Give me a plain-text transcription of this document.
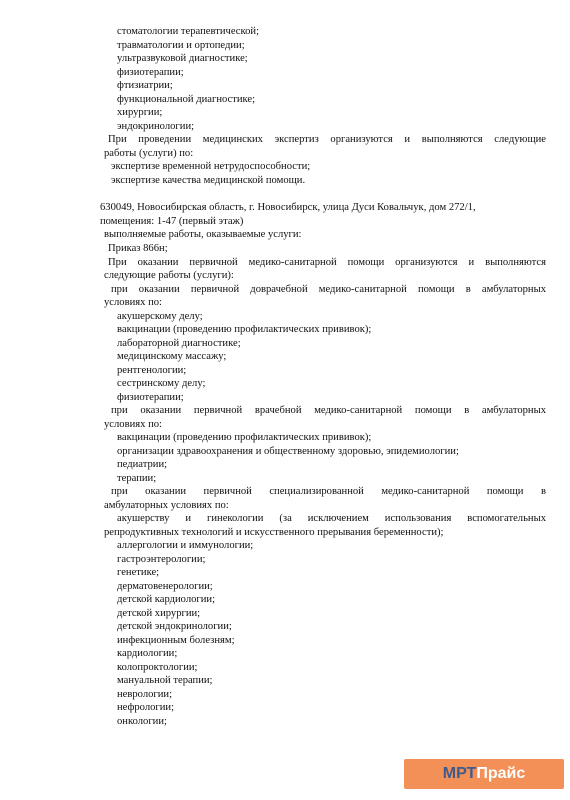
стоматологии терапевтической;
травматологии и ортопедии;
ультразвуковой диагностике;
физиотерапии;
фтизиатрии;
функциональной диагностике;
хирургии;
эндокринологии;
При проведении медицинских экспертиз организуются и выполняются следующие
работы (услуги) по:
экспертизе временной нетрудоспособности;
экспертизе качества медицинской помощи.
630049, Новосибирская область, г. Новосибирск, улица Дуси Ковальчук, дом 272/1,
помещения: 1-47 (первый этаж)
выполняемые работы, оказываемые услуги:
Приказ 866н;
При оказании первичной медико-санитарной помощи организуются и выполняются
следующие работы (услуги):
при оказании первичной доврачебной медико-санитарной помощи в амбулаторных
условиях по:
акушерскому делу;
вакцинации (проведению профилактических прививок);
лабораторной диагностике;
медицинскому массажу;
рентгенологии;
сестринскому делу;
физиотерапии;
при оказании первичной врачебной медико-санитарной помощи в амбулаторных
условиях по:
вакцинации (проведению профилактических прививок);
организации здравоохранения и общественному здоровью, эпидемиологии;
педиатрии;
терапии;
при оказании первичной специализированной медико-санитарной помощи в
амбулаторных условиях по:
акушерству и гинекологии (за исключением использования вспомогательных
репродуктивных технологий и искусственного прерывания беременности);
аллергологии и иммунологии;
гастроэнтерологии;
генетике;
дерматовенерологии;
детской кардиологии;
детской хирургии;
детской эндокринологии;
инфекционным болезням;
кардиологии;
колопроктологии;
мануальной терапии;
неврологии;
нефрологии;
онкологии;
МРТ Прайс
